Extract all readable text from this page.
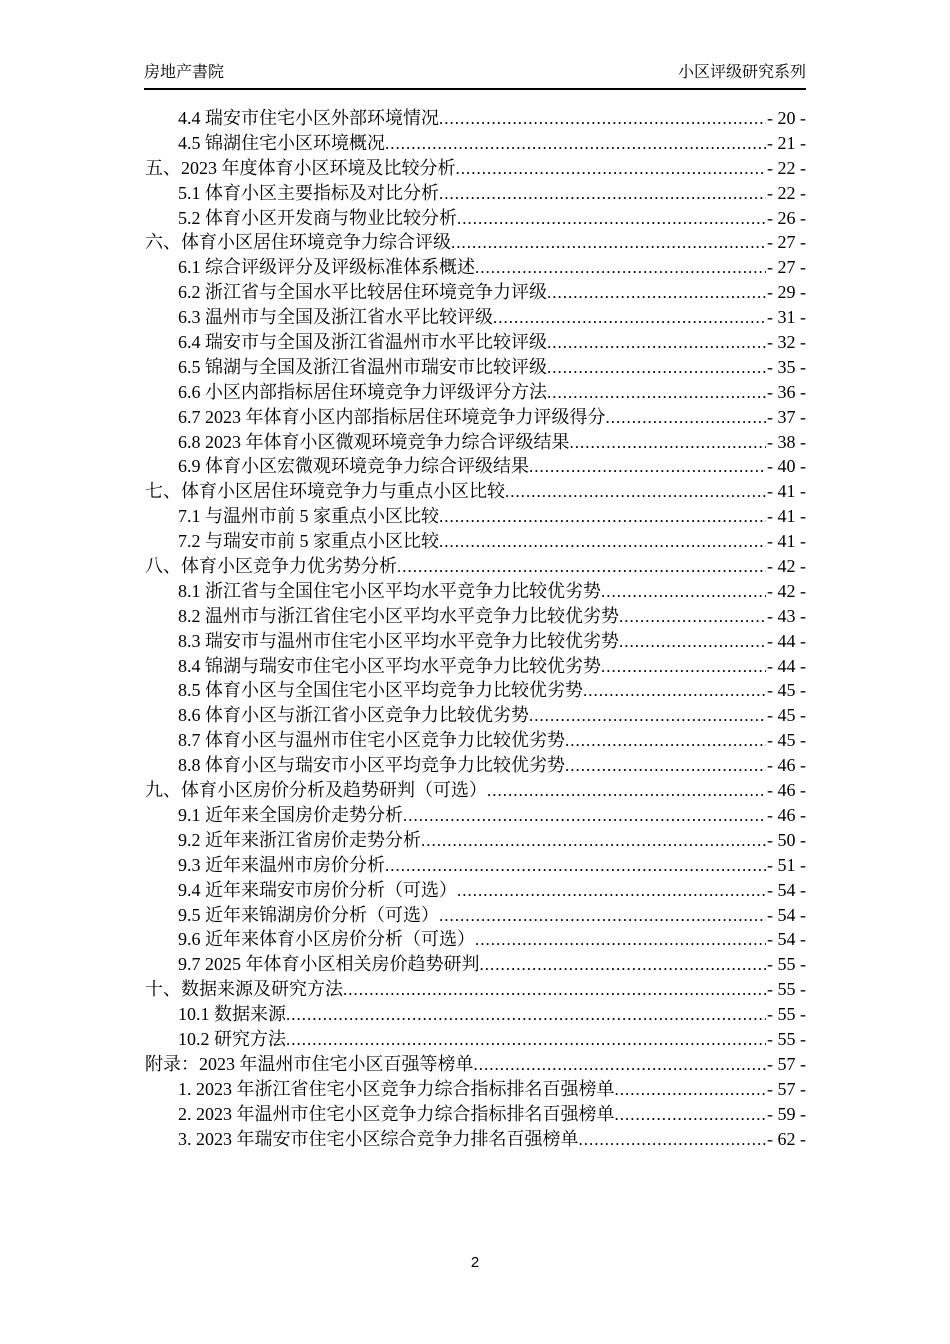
房地产書院	小区评级研究系列
4.4 瑞安市住宅小区外部环境情况 .....	- 20 -
4.5 锦湖住宅小区环境概况 .....	- 21 -
五、2023 年度体育小区环境及比较分析 .....	- 22 -
5.1 体育小区主要指标及对比分析 .....	- 22 -
5.2 体育小区开发商与物业比较分析 .....	- 26 -
六、体育小区居住环境竞争力综合评级 .....	- 27 -
6.1 综合评级评分及评级标准体系概述 .....	- 27 -
6.2 浙江省与全国水平比较居住环境竞争力评级 .....	- 29 -
6.3 温州市与全国及浙江省水平比较评级 .....	- 31 -
6.4 瑞安市与全国及浙江省温州市水平比较评级 .....	- 32 -
6.5 锦湖与全国及浙江省温州市瑞安市比较评级 .....	- 35 -
6.6 小区内部指标居住环境竞争力评级评分方法 .....	- 36 -
6.7 2023 年体育小区内部指标居住环境竞争力评级得分 .....	- 37 -
6.8 2023 年体育小区微观环境竞争力综合评级结果 .....	- 38 -
6.9 体育小区宏微观环境竞争力综合评级结果 .....	- 40 -
七、体育小区居住环境竞争力与重点小区比较 .....	- 41 -
7.1 与温州市前 5 家重点小区比较 .....	- 41 -
7.2 与瑞安市前 5 家重点小区比较 .....	- 41 -
八、体育小区竞争力优劣势分析 .....	- 42 -
8.1 浙江省与全国住宅小区平均水平竞争力比较优劣势 .....	- 42 -
8.2 温州市与浙江省住宅小区平均水平竞争力比较优劣势 .....	- 43 -
8.3 瑞安市与温州市住宅小区平均水平竞争力比较优劣势 .....	- 44 -
8.4 锦湖与瑞安市住宅小区平均水平竞争力比较优劣势 .....	- 44 -
8.5 体育小区与全国住宅小区平均竞争力比较优劣势 .....	- 45 -
8.6 体育小区与浙江省小区竞争力比较优劣势 .....	- 45 -
8.7 体育小区与温州市住宅小区竞争力比较优劣势 .....	- 45 -
8.8 体育小区与瑞安市小区平均竞争力比较优劣势 .....	- 46 -
九、体育小区房价分析及趋势研判（可选） .....	- 46 -
9.1 近年来全国房价走势分析 .....	- 46 -
9.2 近年来浙江省房价走势分析 .....	- 50 -
9.3 近年来温州市房价分析 .....	- 51 -
9.4 近年来瑞安市房价分析（可选） .....	- 54 -
9.5 近年来锦湖房价分析（可选） .....	- 54 -
9.6 近年来体育小区房价分析（可选） .....	- 54 -
9.7 2025 年体育小区相关房价趋势研判 .....	- 55 -
十、数据来源及研究方法 .....	- 55 -
10.1 数据来源 .....	- 55 -
10.2 研究方法 .....	- 55 -
附录：2023 年温州市住宅小区百强等榜单 .....	- 57 -
1. 2023 年浙江省住宅小区竞争力综合指标排名百强榜单 .....	- 57 -
2. 2023 年温州市住宅小区竞争力综合指标排名百强榜单 .....	- 59 -
3. 2023 年瑞安市住宅小区综合竞争力排名百强榜单 .....	- 62 -
2
